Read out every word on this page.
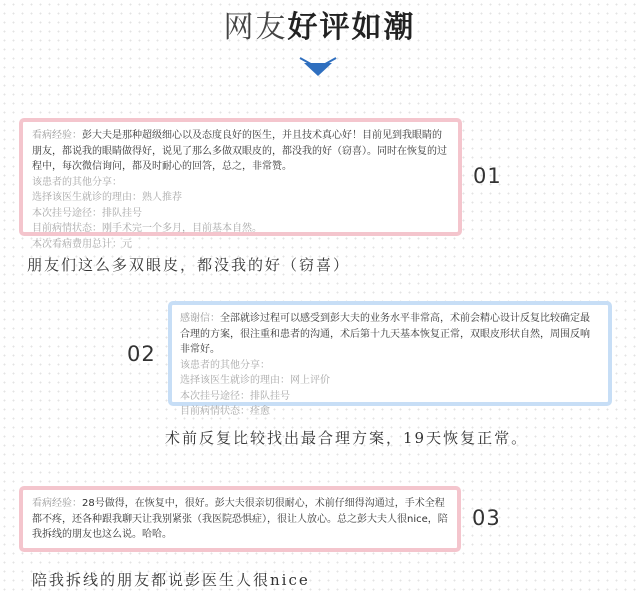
网友好评如潮
看病经验：彭大夫是那种超级细心以及态度良好的医生，并且技术真心好！目前见到我眼睛的朋友，都说我的眼睛做得好，说见了那么多做双眼皮的，都没我的好（窃喜）。同时在恢复的过程中，每次微信询问，都及时耐心的回答，总之，非常赞。
该患者的其他分享：
选择该医生就诊的理由：熟人推荐
本次挂号途径：排队挂号
目前病情状态：刚手术完一个多月，目前基本自然。
本次看病费用总计：元
01
朋友们这么多双眼皮，都没我的好（窃喜）
感谢信：全部就诊过程可以感受到彭大夫的业务水平非常高，术前会精心设计反复比较确定最合理的方案，很注重和患者的沟通，术后第十九天基本恢复正常，双眼皮形状自然，周围反响非常好。
该患者的其他分享：
选择该医生就诊的理由：网上评价
本次挂号途径：排队挂号
目前病情状态：痊愈
02
术前反复比较找出最合理方案，19天恢复正常。
看病经验：28号做得，在恢复中，很好。彭大夫很亲切很耐心，术前仔细得沟通过，手术全程都不疼，还各种跟我聊天让我别紧张（我医院恐惧症），很让人放心。总之彭大夫人很nice，陪我拆线的朋友也这么说。哈哈。
03
陪我拆线的朋友都说彭医生人很nice
